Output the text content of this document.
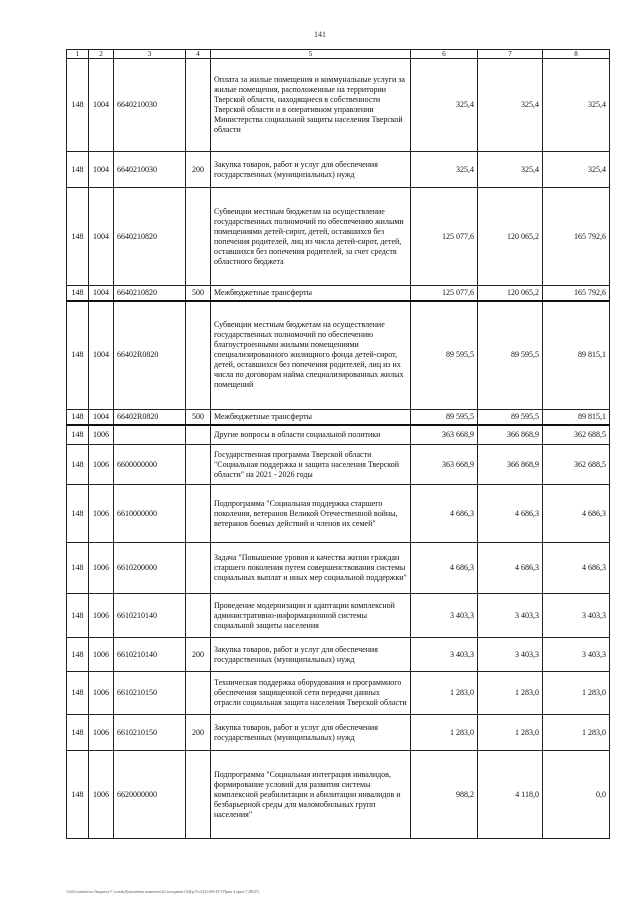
141
1	2	3	4	5	6	7	8
148	1004	6640210030		Оплата за жилые помещения и коммунальные услуги за жилые помещения, расположенные на территории Тверской области, находящиеся в собственности Тверской области и в оперативном управлении Министерства социальной защиты населения Тверской области	325,4	325,4	325,4
148	1004	6640210030	200	Закупка товаров, работ и услуг для обеспечения государственных (муниципальных) нужд	325,4	325,4	325,4
148	1004	6640210820		Субвенции местным бюджетам на осуществление государственных полномочий по обеспечению жилыми помещениями детей-сирот, детей, оставшихся без попечения родителей, лиц из числа детей-сирот, детей, оставшихся без попечения родителей, за счет средств областного бюджета	125 077,6	120 065,2	165 792,6
148	1004	6640210820	500	Межбюджетные трансферты	125 077,6	120 065,2	165 792,6
148	1004	66402R0820		Субвенции местным бюджетам на осуществление государственных полномочий по обеспечению благоустроенными жилыми помещениями специализированного жилищного фонда детей-сирот, детей, оставшихся без попечения родителей, лиц из их числа по договорам найма специализированных жилых помещений	89 595,5	89 595,5	89 815,1
148	1004	66402R0820	500	Межбюджетные трансферты	89 595,5	89 595,5	89 815,1
148	1006			Другие вопросы в области социальной политики	363 668,9	366 868,9	362 688,5
148	1006	6600000000		Государственная программа Тверской области "Социальная поддержка и защита населения Тверской области" на 2021 - 2026 годы	363 668,9	366 868,9	362 688,5
148	1006	6610000000		Подпрограмма "Социальная поддержка старшего поколения, ветеранов Великой Отечественной войны, ветеранов боевых действий и членов их семей"	4 686,3	4 686,3	4 686,3
148	1006	6610200000		Задача "Повышение уровня и качества жизни граждан старшего поколения путем совершенствования системы социальных выплат и иных мер социальной поддержки"	4 686,3	4 686,3	4 686,3
148	1006	6610210140		Проведение модернизации и адаптации комплексной административно-информационной системы социальной защиты населения	3 403,3	3 403,3	3 403,3
148	1006	6610210140	200	Закупка товаров, работ и услуг для обеспечения государственных (муниципальных) нужд	3 403,3	3 403,3	3 403,3
148	1006	6610210150		Техническая поддержка оборудования и программного обеспечения защищенной сети передачи данных отрасли социальная защита населения Тверской области	1 283,0	1 283,0	1 283,0
148	1006	6610210150	200	Закупка товаров, работ и услуг для обеспечения государственных (муниципальных) нужд	1 283,0	1 283,0	1 283,0
148	1006	6620000000		Подпрограмма "Социальная интеграция инвалидов, формирование условий для развития системы комплексной реабилитации и абилитации инвалидов и безбарьерной среды для маломобильных групп населения"	988,2	4 118,0	0,0
\\fs02\comitet\по бюджету\7 созыв\Документы комитета\24 заседание (04)\p\Vs\(24) 460-П-7\Прил 4 прил 7 (ВСР)
